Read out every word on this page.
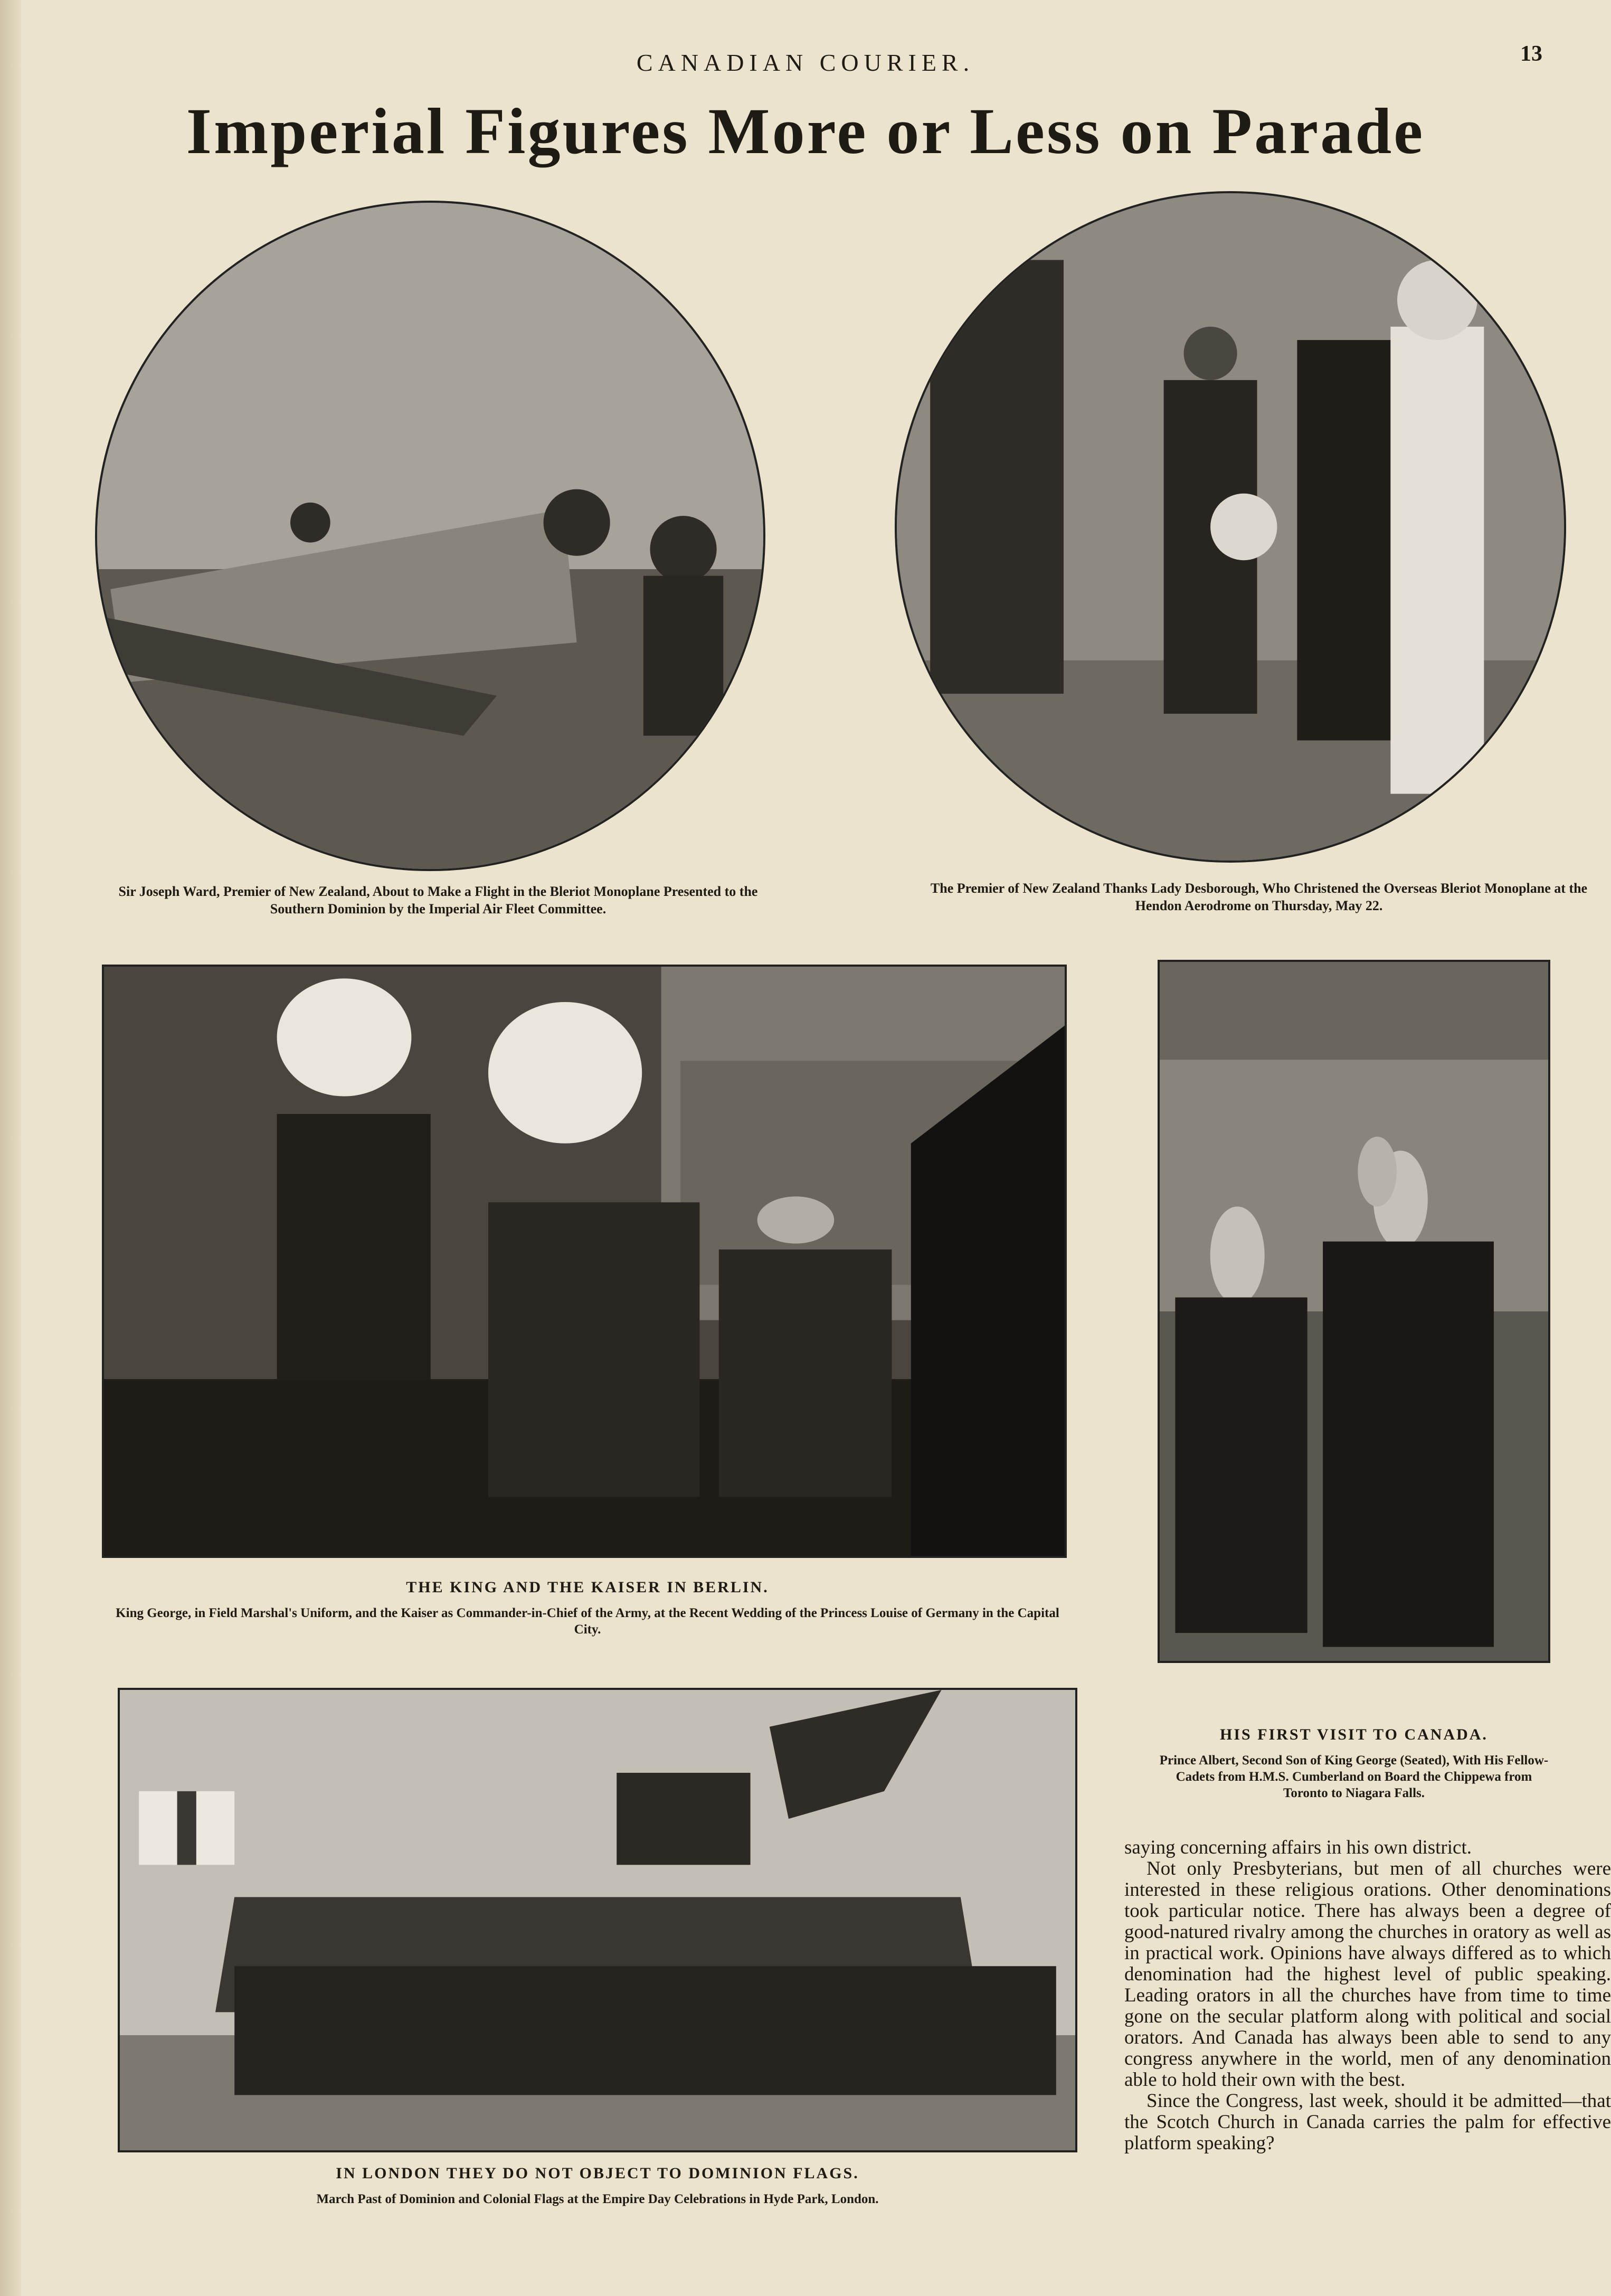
CANADIAN COURIER.	13
Imperial Figures More or Less on Parade
Sir Joseph Ward, Premier of New Zealand, About to Make a Flight in the Bleriot Monoplane Presented to the Southern Dominion by the Imperial Air Fleet Committee.
The Premier of New Zealand Thanks Lady Desborough, Who Christened the Overseas Bleriot Monoplane at the Hendon Aerodrome on Thursday, May 22.
THE KING AND THE KAISER IN BERLIN.
King George, in Field Marshal's Uniform, and the Kaiser as Commander-in-Chief of the Army, at the Recent Wedding of the Princess Louise of Germany in the Capital City.
HIS FIRST VISIT TO CANADA.
Prince Albert, Second Son of King George (Seated), With His Fellow-Cadets from H.M.S. Cumberland on Board the Chippewa from Toronto to Niagara Falls.
IN LONDON THEY DO NOT OBJECT TO DOMINION FLAGS.
March Past of Dominion and Colonial Flags at the Empire Day Celebrations in Hyde Park, London.

saying concerning affairs in his own district.

Not only Presbyterians, but men of all churches were interested in these religious orations. Other denominations took particular notice. There has always been a degree of good-natured rivalry among the churches in oratory as well as in practical work. Opinions have always differed as to which denomination had the highest level of public speaking. Leading orators in all the churches have from time to time gone on the secular platform along with political and social orators. And Canada has always been able to send to any congress anywhere in the world, men of any denomination able to hold their own with the best.

Since the Congress, last week, should it be admitted—that the Scotch Church in Canada carries the palm for effective platform speaking?
